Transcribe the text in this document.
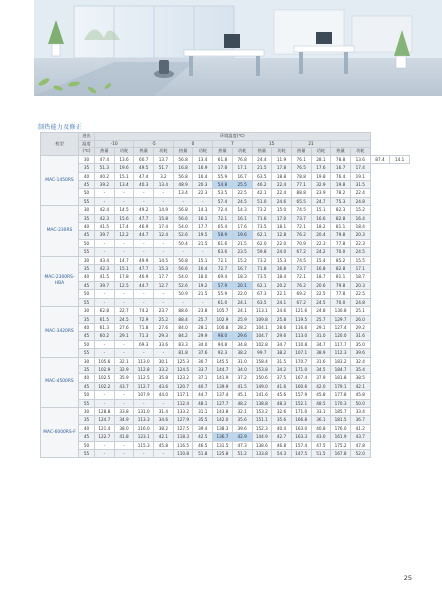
制热能力及修正
机型	进出	环境温度(℃)															
	温度	-10		-5		0		7		15		21					
	(℃)	热量	功耗	热量	功耗	热量	功耗	热量	功耗	热量	功耗	热量	功耗	热量	功耗		
MAC-1450RS	30	47.4	13.6	60.7	13.7	56.8	13.4	61.8	76.8	24.4	11.9	76.1	28.1	78.8	13.6	87.4	14.1
	35	51.3	19.6	49.5	51.7	16.8	16.9	17.8	17.1	21.5	17.8	76.5	17.6	16.7	17.4		
	40	40.2	15.1	47.4	3.2	56.8	16.4	55.9	16.7	63.5	18.8	78.8	19.8	76.4	19.1		
	45	39.2	13.4	40.3	13.4	48.9	20.3	54.8	25.5	46.2	22.4	77.1	32.9	19.8	31.5		
	50	-	-	-	-	13.4	22.3	53.5	22.5	42.1	22.4	88.8	23.9	78.2	22.4		
	55	-	-	-	-	-	-	57.4	24.5	51.0	24.6	65.5	24.7	75.3	24.8		
MAC-230RS	30	42.4	14.5	49.2	14.9	56.8	14.3	72.4	14.3	73.2	15.0	74.5	15.1	82.3	15.2		
	35	42.3	15.6	47.7	15.8	56.6	16.1	72.1	16.1	71.6	17.0	73.7	16.6	82.8	16.4		
	40	41.5	17.4	46.9	17.4	54.0	17.7	65.4	17.6	73.5	18.1	72.1	18.2	81.1	18.4		
	45	39.7	12.2	44.7	12.4	52.6	19.5	58.9	19.6	62.1	12.8	76.2	20.4	79.8	20.3		
	50	-	-	-	-	50.4	21.5	61.6	21.5	62.0	22.0	70.9	22.3	77.8	22.3		
	55	-	-	-	-	-	-	63.6	23.5	59.8	24.0	67.2	24.2	70.0	24.5		
MAC-2300RS-HBA	30	43.4	14.7	49.9	14.5	56.8	15.1	72.1	15.2	73.2	15.3	74.5	15.4	85.2	15.5		
	35	42.3	15.1	47.7	15.3	56.6	16.4	72.7	16.7	71.8	16.8	73.7	16.8	82.8	17.1		
	40	41.5	17.8	46.9	17.7	54.0	18.0	69.4	18.3	73.5	18.4	72.1	18.7	81.1	18.7		
	45	39.7	12.5	44.7	12.7	52.6	19.2	57.9	20.1	62.1	20.2	76.2	20.6	79.8	20.3		
	50	-	-	-	-	50.9	21.5	55.9	22.0	67.3	22.1	69.2	22.5	77.8	22.5		
	55	-	-	-	-	-	-	61.0	24.1	63.5	24.1	67.2	24.5	70.0	24.8		
MAC-3420RS	30	62.8	22.7	74.2	23.7	88.6	23.8	105.7	24.1	113.1	24.6	121.6	24.8	130.8	25.1		
	35	61.5	24.5	72.9	25.2	88.4	25.7	102.9	25.9	109.8	25.8	119.5	25.7	129.7	26.0		
	40	61.3	27.6	71.8	27.6	84.0	28.1	100.8	28.2	104.1	28.6	116.6	29.1	127.4	29.2		
	45	60.2	29.1	71.3	29.3	84.2	29.9	98.0	29.6	104.7	29.6	113.0	31.0	120.0	31.6		
	50	-	-	69.3	33.6	83.3	34.0	94.8	34.8	102.8	34.7	110.8	34.7	117.7	35.0		
	55	-	-	-	-	81.8	37.6	92.3	38.2	99.7	38.2	107.1	38.9	112.3	39.6		
MAC-4500RS	30	105.6	32.1	113.0	30.1	125.3	30.7	145.5	31.0	158.4	31.5	170.7	31.6	183.2	32.4		
	35	102.9	32.9	112.8	33.2	124.5	33.7	144.7	34.0	153.8	34.2	171.0	34.5	184.7	35.4		
	40	102.5	35.9	112.5	35.8	123.2	37.1	141.9	37.2	150.6	37.5	167.4	37.9	181.8	38.5		
	45	102.2	43.7	112.7	43.6	120.7	40.7	139.9	41.5	149.0	41.6	160.6	42.0	179.1	42.1		
	50	-	-	107.9	44.0	117.1	44.7	137.4	45.1	141.6	45.6	157.9	45.8	177.8	45.8		
	55	-	-	-	-	112.4	48.1	127.7	48.2	138.8	48.3	152.1	48.5	170.3	50.0		
MAC-6000RS-F	30	128.8	33.8	131.0	31.4	133.2	31.1	143.8	32.1	153.2	32.6	171.0	33.1	185.7	33.4		
	35	124.7	34.9	113.3	34.6	127.9	35.5	142.0	35.6	151.1	35.6	166.8	36.1	181.5	36.7		
	40	121.4	38.0	116.0	38.2	127.5	39.4	138.3	39.6	152.3	40.4	163.0	40.8	176.0	41.2		
	45	122.7	41.8	123.1	42.1	118.3	42.5	136.7	42.9	144.9	42.7	163.3	43.0	161.9	43.7		
	50	-	-	115.3	45.8	116.5	46.5	131.5	47.3	138.6	46.8	157.4	47.5	175.2	47.8		
	55	-	-	-	-	110.8	51.8	125.8	51.2	133.8	54.3	147.5	51.5	167.8	52.0		
25
